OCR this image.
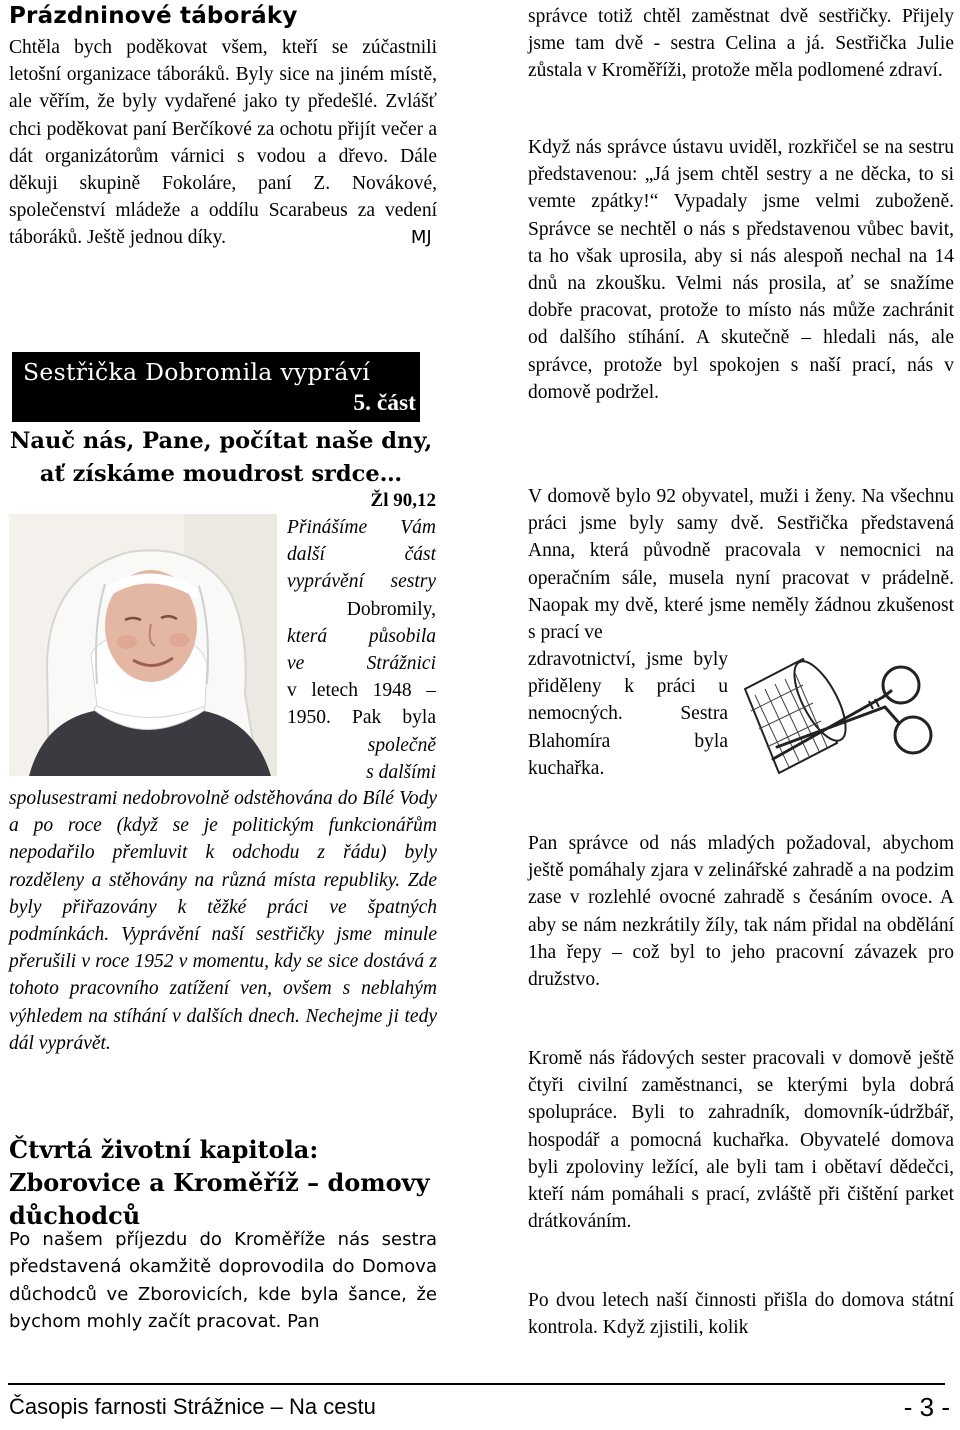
Prázdninové táboráky

Chtěla bych poděkovat všem, kteří se zúčastnili letošní organizace táboráků. Byly sice na jiném místě, ale věřím, že byly vydařené jako ty předešlé. Zvlášť chci poděkovat paní Berčíkové za ochotu přijít večer a dát organizátorům várnici s vodou a dřevo. Dále děkuji skupině Fokoláre, paní Z. Novákové, společenství mládeže a oddílu Scarabeus za vedení táboráků. Ještě jednou díky.	MJ

Sestřička Dobromila vypráví
5. část

Nauč nás, Pane, počítat naše dny,
ať získáme moudrost srdce…

Žl 90,12
Přinášíme Vám
další část
vyprávění sestry
Dobromily,
která působila
ve Strážnici
v letech 1948 –
1950. Pak byla
společně
s dalšími

spolusestrami nedobrovolně odstěhována do Bílé Vody a po roce (když se je politickým funkcionářům nepodařilo přemluvit k odchodu z řádu) byly rozděleny a stěhovány na různá místa republiky. Zde byly přiřazovány k těžké práci ve špatných podmínkách. Vyprávění naší sestřičky jsme minule přerušili v roce 1952 v momentu, kdy se sice dostává z tohoto pracovního zatížení ven, ovšem s neblahým výhledem na stíhání v dalších dnech. Nechejme ji tedy dál vyprávět.

Čtvrtá životní kapitola: Zborovice a Kroměříž – domovy důchodců

Po našem příjezdu do Kroměříže nás sestra představená okamžitě doprovodila do Domova důchodců ve Zborovicích, kde byla šance, že bychom mohly začít pracovat. Pan

správce totiž chtěl zaměstnat dvě sestřičky. Přijely jsme tam dvě - sestra Celina a já. Sestřička Julie zůstala v Kroměříži, protože měla podlomené zdraví.

Když nás správce ústavu uviděl, rozkřičel se na sestru představenou: „Já jsem chtěl sestry a ne děcka, to si vemte zpátky!“ Vypadaly jsme velmi zuboženě. Správce se nechtěl o nás s představenou vůbec bavit, ta ho však uprosila, aby si nás alespoň nechal na 14 dnů na zkoušku. Velmi nás prosila, ať se snažíme dobře pracovat, protože to místo nás může zachránit od dalšího stíhání. A skutečně – hledali nás, ale správce, protože byl spokojen s naší prací, nás v domově podržel.

V domově bylo 92 obyvatel, muži i ženy. Na všechnu práci jsme byly samy dvě. Sestřička představená Anna, která původně pracovala v nemocnici na operačním sále, musela nyní pracovat v prádelně. Naopak my dvě, které jsme neměly žádnou zkušenost s prací ve

zdravotnictví, jsme byly přiděleny k práci u nemocných. Sestra Blahomíra byla kuchařka.

Pan správce od nás mladých požadoval, abychom ještě pomáhaly zjara v zelinářské zahradě a na podzim zase v rozlehlé ovocné zahradě s česáním ovoce. A aby se nám nezkrátily žíly, tak nám přidal na obdělání 1ha řepy – což byl to jeho pracovní závazek pro družstvo.

Kromě nás řádových sester pracovali v domově ještě čtyři civilní zaměstnanci, se kterými byla dobrá spolupráce. Byli to zahradník, domovník-údržbář, hospodář a pomocná kuchařka. Obyvatelé domova byli zpoloviny ležící, ale byli tam i obětaví dědečci, kteří nám pomáhali s prací, zvláště při čištění parket drátkováním.

Po dvou letech naší činnosti přišla do domova státní kontrola. Když zjistili, kolik

Časopis farnosti Strážnice – Na cestu	- 3 -
